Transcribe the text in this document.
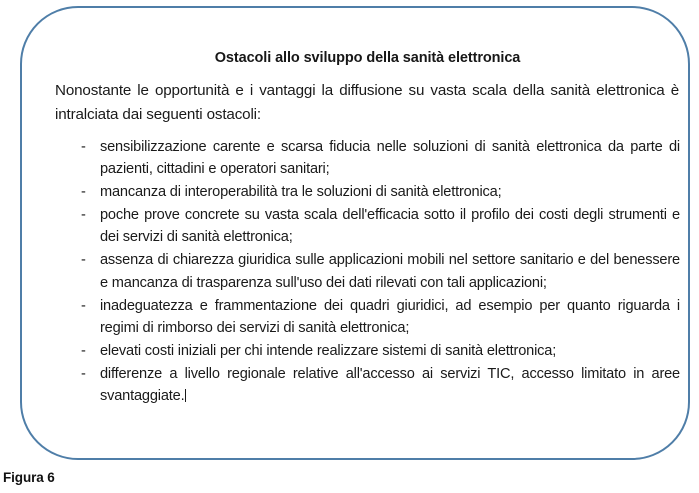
Ostacoli allo sviluppo della sanità elettronica

Nonostante le opportunità e i vantaggi la diffusione su vasta scala della sanità elettronica è intralciata dai seguenti ostacoli:

- sensibilizzazione carente e scarsa fiducia nelle soluzioni di sanità elettronica da parte di pazienti, cittadini e operatori sanitari;
- mancanza di interoperabilità tra le soluzioni di sanità elettronica;
- poche prove concrete su vasta scala dell'efficacia sotto il profilo dei costi degli strumenti e dei servizi di sanità elettronica;
- assenza di chiarezza giuridica sulle applicazioni mobili nel settore sanitario e del benessere e mancanza di trasparenza sull'uso dei dati rilevati con tali applicazioni;
- inadeguatezza e frammentazione dei quadri giuridici, ad esempio per quanto riguarda i regimi di rimborso dei servizi di sanità elettronica;
- elevati costi iniziali per chi intende realizzare sistemi di sanità elettronica;
- differenze a livello regionale relative all'accesso ai servizi TIC, accesso limitato in aree svantaggiate.
Figura 6
